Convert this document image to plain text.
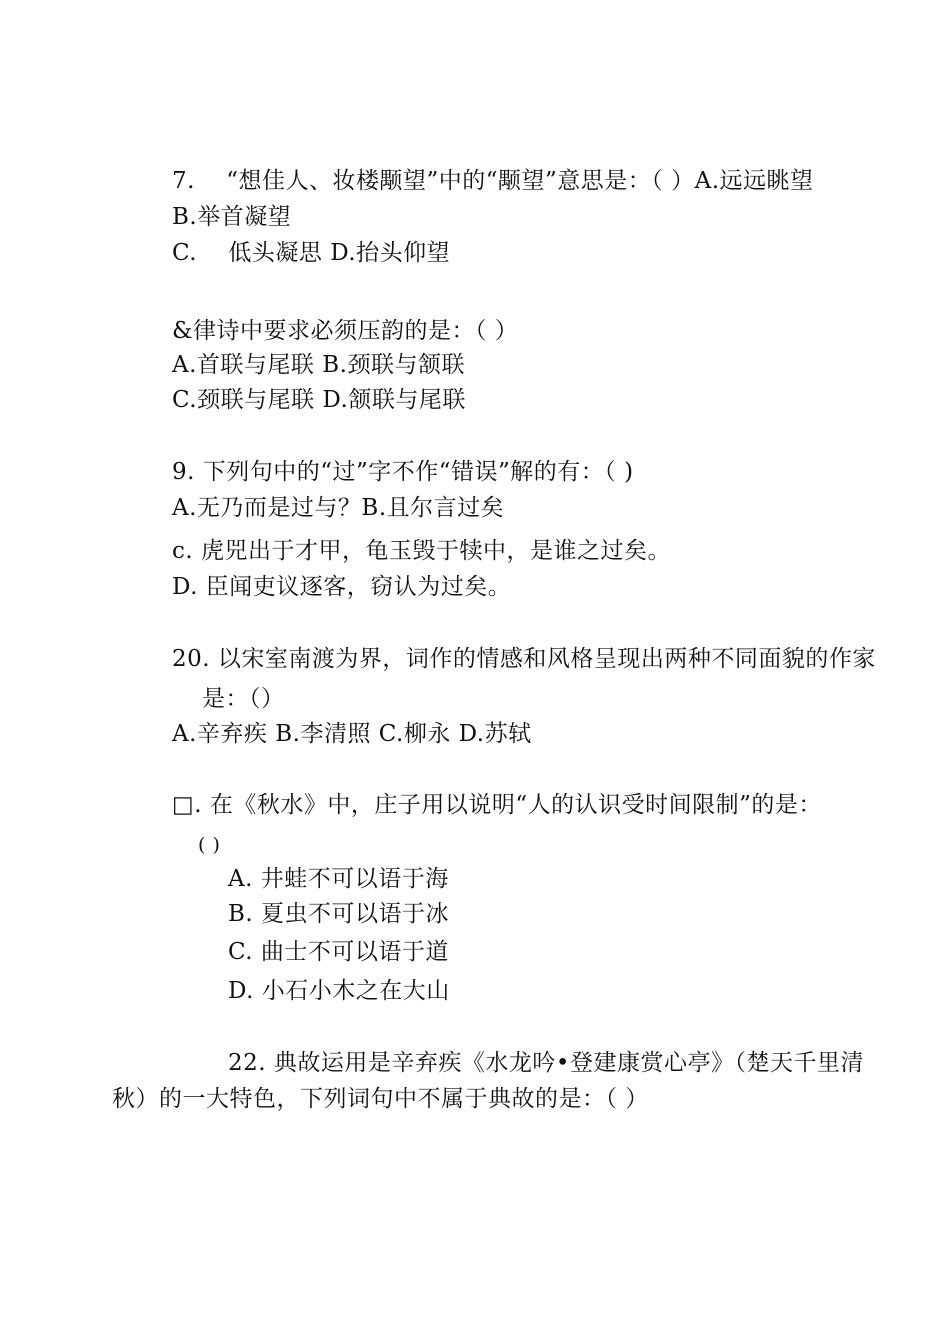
7.　 “想佳人、妆楼颙望”中的“颙望”意思是：（ ）A.远远眺望
B.举首凝望
C.　 低头凝思 D.抬头仰望
&律诗中要求必须压韵的是：（ ）
A.首联与尾联 B.颈联与颔联
C.颈联与尾联 D.颔联与尾联
9. 下列句中的“过”字不作“错误”解的有：（ )
A.无乃而是过与？B.且尔言过矣
c. 虎兕出于才甲，龟玉毁于犊中，是谁之过矣。
D. 臣闻吏议逐客，窃认为过矣。
20. 以宋室南渡为界，词作的情感和风格呈现出两种不同面貌的作家
是：（）
A.辛弃疾 B.李清照 C.柳永 D.苏轼
□. 在《秋水》中，庄子用以说明“人的认识受时间限制”的是：
( )
A. 井蛙不可以语于海
B. 夏虫不可以语于冰
C. 曲士不可以语于道
D. 小石小木之在大山
22. 典故运用是辛弃疾《水龙吟•登建康赏心亭》（楚天千里清
秋）的一大特色，下列词句中不属于典故的是：（ ）
